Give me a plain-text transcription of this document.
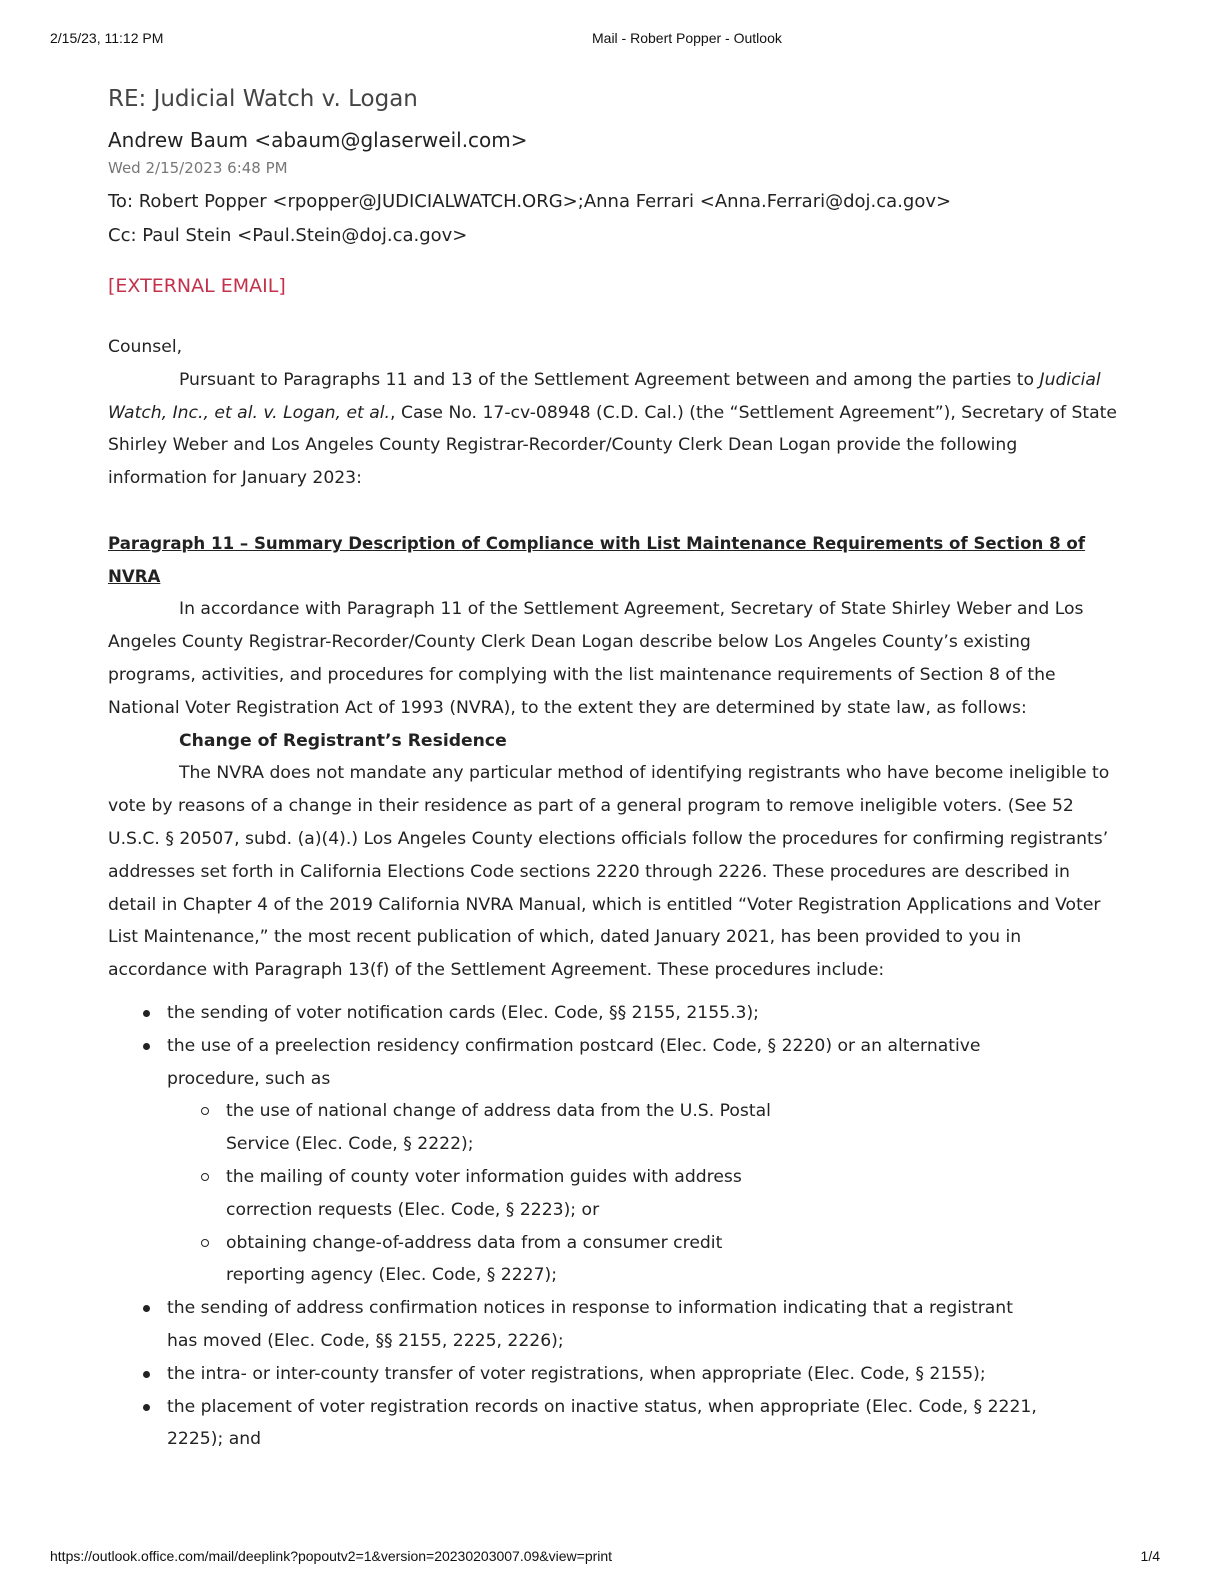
2/15/23, 11:12 PM	Mail - Robert Popper - Outlook
RE: Judicial Watch v. Logan
Andrew Baum <abaum@glaserweil.com>
Wed 2/15/2023 6:48 PM
To: Robert Popper <rpopper@JUDICIALWATCH.ORG>;Anna Ferrari <Anna.Ferrari@doj.ca.gov>
Cc: Paul Stein <Paul.Stein@doj.ca.gov>
[EXTERNAL EMAIL]

Counsel,

Pursuant to Paragraphs 11 and 13 of the Settlement Agreement between and among the parties to Judicial Watch, Inc., et al. v. Logan, et al., Case No. 17-cv-08948 (C.D. Cal.) (the “Settlement Agreement”), Secretary of State Shirley Weber and Los Angeles County Registrar-Recorder/County Clerk Dean Logan provide the following information for January 2023:

Paragraph 11 – Summary Description of Compliance with List Maintenance Requirements of Section 8 of NVRA

In accordance with Paragraph 11 of the Settlement Agreement, Secretary of State Shirley Weber and Los Angeles County Registrar-Recorder/County Clerk Dean Logan describe below Los Angeles County’s existing programs, activities, and procedures for complying with the list maintenance requirements of Section 8 of the National Voter Registration Act of 1993 (NVRA), to the extent they are determined by state law, as follows:

Change of Registrant’s Residence

The NVRA does not mandate any particular method of identifying registrants who have become ineligible to vote by reasons of a change in their residence as part of a general program to remove ineligible voters. (See 52 U.S.C. § 20507, subd. (a)(4).) Los Angeles County elections officials follow the procedures for confirming registrants’ addresses set forth in California Elections Code sections 2220 through 2226. These procedures are described in detail in Chapter 4 of the 2019 California NVRA Manual, which is entitled “Voter Registration Applications and Voter List Maintenance,” the most recent publication of which, dated January 2021, has been provided to you in accordance with Paragraph 13(f) of the Settlement Agreement. These procedures include:

the sending of voter notification cards (Elec. Code, §§ 2155, 2155.3);
the use of a preelection residency confirmation postcard (Elec. Code, § 2220) or an alternative procedure, such as
the use of national change of address data from the U.S. Postal Service (Elec. Code, § 2222);
the mailing of county voter information guides with address correction requests (Elec. Code, § 2223); or
obtaining change-of-address data from a consumer credit reporting agency (Elec. Code, § 2227);
the sending of address confirmation notices in response to information indicating that a registrant has moved (Elec. Code, §§ 2155, 2225, 2226);
the intra- or inter-county transfer of voter registrations, when appropriate (Elec. Code, § 2155);
the placement of voter registration records on inactive status, when appropriate (Elec. Code, § 2221, 2225); and
https://outlook.office.com/mail/deeplink?popoutv2=1&version=20230203007.09&view=print	1/4
